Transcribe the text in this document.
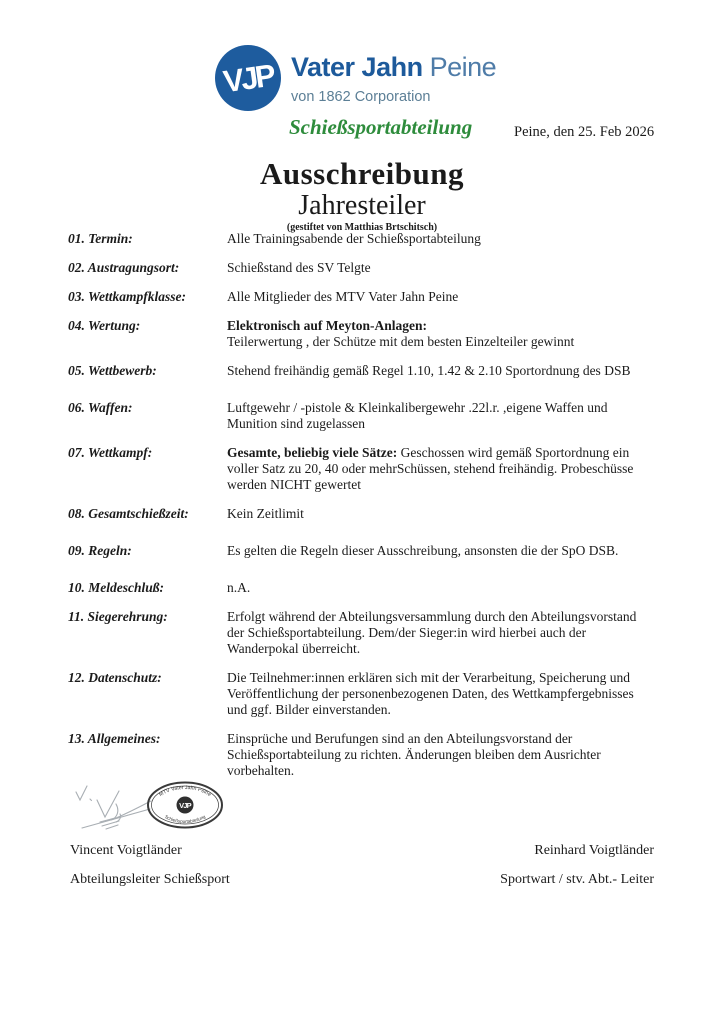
VJP Vater Jahn Peine
von 1862 Corporation
Schießsportabteilung	Peine, den 25. Feb 2026
Ausschreibung
Jahresteiler
(gestiftet von Matthias Brtschitsch)
01. Termin:	Alle Trainingsabende der Schießsportabteilung
02. Austragungsort:	Schießstand des SV Telgte
03. Wettkampfklasse:	Alle Mitglieder des MTV Vater Jahn Peine
04. Wertung:	Elektronisch auf Meyton-Anlagen:
Teilerwertung , der Schütze mit dem besten Einzelteiler gewinnt
05. Wettbewerb:	Stehend freihändig gemäß Regel 1.10, 1.42 & 2.10 Sportordnung des DSB
06. Waffen:	Luftgewehr / -pistole & Kleinkalibergewehr .22l.r. ,eigene Waffen und Munition sind zugelassen
07. Wettkampf:	Gesamte, beliebig viele Sätze: Geschossen wird gemäß Sportordnung ein voller Satz zu 20, 40 oder mehrSchüssen, stehend freihändig. Probeschüsse werden NICHT gewertet
08. Gesamtschießzeit:	Kein Zeitlimit
09. Regeln:	Es gelten die Regeln dieser Ausschreibung, ansonsten die der SpO DSB.
10. Meldeschluß:	n.A.
11. Siegerehrung:	Erfolgt während der Abteilungsversammlung durch den Abteilungsvorstand der Schießsportabteilung. Dem/der Sieger:in wird hierbei auch der Wanderpokal überreicht.
12. Datenschutz:	Die Teilnehmer:innen erklären sich mit der Verarbeitung, Speicherung und Veröffentlichung der personenbezogenen Daten, des Wettkampfergebnisses und ggf. Bilder einverstanden.
13. Allgemeines:	Einsprüche und Berufungen sind an den Abteilungsvorstand der Schießsportabteilung zu richten. Änderungen bleiben dem Ausrichter vorbehalten.
MTV Vater Jahn Peine
Schießsportabteilung
VJP
Vincent Voigtländer
Abteilungsleiter Schießsport
Reinhard Voigtländer
Sportwart / stv. Abt.- Leiter
